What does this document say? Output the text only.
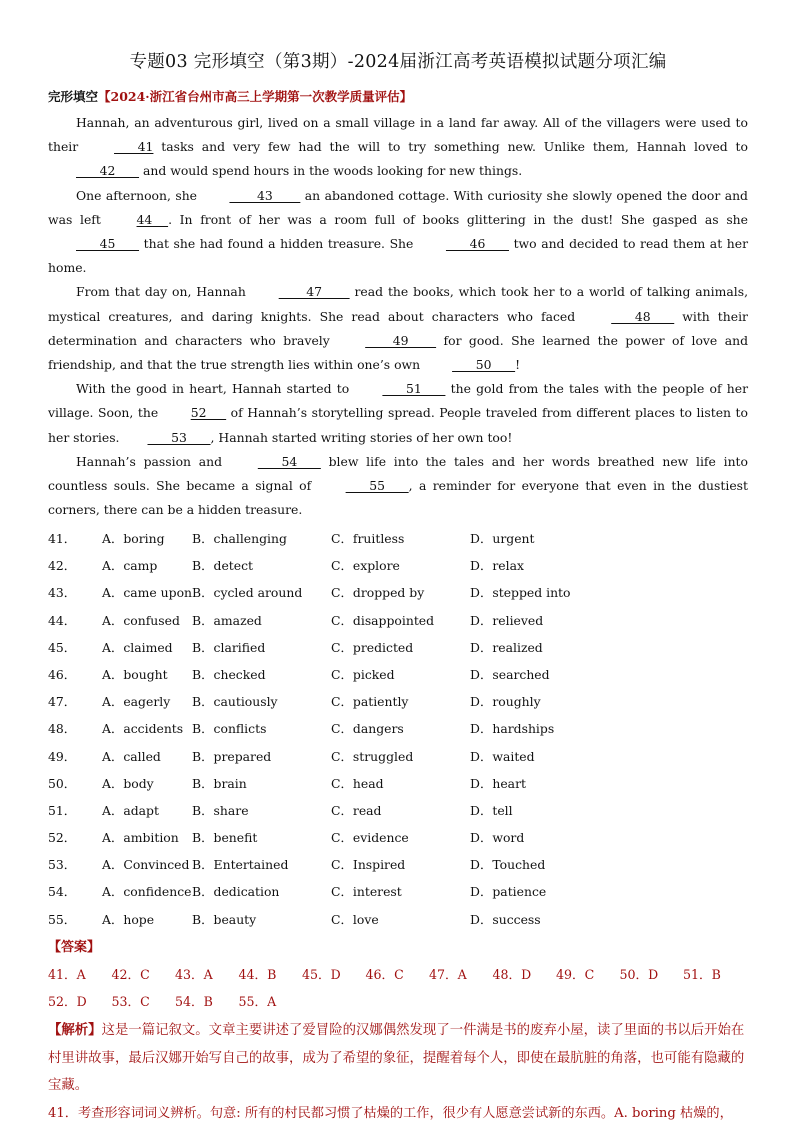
专题03 完形填空（第3期）-2024届浙江高考英语模拟试题分项汇编
完形填空【2024·浙江省台州市高三上学期第一次教学质量评估】

Hannah, an adventurous girl, lived on a small village in a land far away. All of the villagers were used to their       41 tasks and very few had the will to try something new. Unlike them, Hannah loved to       42       and would spend hours in the woods looking for new things.

One afternoon, she        43        an abandoned cottage. With curiosity she slowly opened the door and was left 44    . In front of her was a room full of books glittering in the dust! She gasped as she       45       that she had found a hidden treasure. She       46       two and decided to read them at her home.

From that day on, Hannah        47        read the books, which took her to a world of talking animals, mystical creatures, and daring knights. She read about characters who faced       48       with their determination and characters who bravely        49        for good. She learned the power of love and friendship, and that the true strength lies within one’s own       50      !

With the good in heart, Hannah started to       51       the gold from the tales with the people of her village. Soon, the 52      of Hannah’s storytelling spread. People traveled from different places to listen to her stories.      53      , Hannah started writing stories of her own too!

Hannah’s passion and       54       blew life into the tales and her words breathed new life into countless souls. She became a signal of       55      , a reminder for everyone that even in the dustiest corners, there can be a hidden treasure.

41．	A．boring	B．challenging	C．fruitless	D．urgent
42．	A．camp	B．detect	C．explore	D．relax
43．	A．came upon	B．cycled around	C．dropped by	D．stepped into
44．	A．confused	B．amazed	C．disappointed	D．relieved
45．	A．claimed	B．clarified	C．predicted	D．realized
46．	A．bought	B．checked	C．picked	D．searched
47．	A．eagerly	B．cautiously	C．patiently	D．roughly
48．	A．accidents	B．conflicts	C．dangers	D．hardships
49．	A．called	B．prepared	C．struggled	D．waited
50．	A．body	B．brain	C．head	D．heart
51．	A．adapt	B．share	C．read	D．tell
52．	A．ambition	B．benefit	C．evidence	D．word
53．	A．Convinced	B．Entertained	C．Inspired	D．Touched
54．	A．confidence	B．dedication	C．interest	D．patience
55．	A．hope	B．beauty	C．love	D．success
【答案】
41．A 42．C 43．A 44．B 45．D 46．C 47．A 48．D 49．C 50．D 51．B
52．D 53．C 54．B 55．A
【解析】这是一篇记叙文。文章主要讲述了爱冒险的汉娜偶然发现了一件满是书的废弃小屋，读了里面的书以后开始在村里讲故事，最后汉娜开始写自己的故事，成为了希望的象征，提醒着每个人，即使在最肮脏的角落，也可能有隐藏的宝藏。
41．考查形容词词义辨析。句意: 所有的村民都习惯了枯燥的工作，很少有人愿意尝试新的东西。A. boring 枯燥的，
